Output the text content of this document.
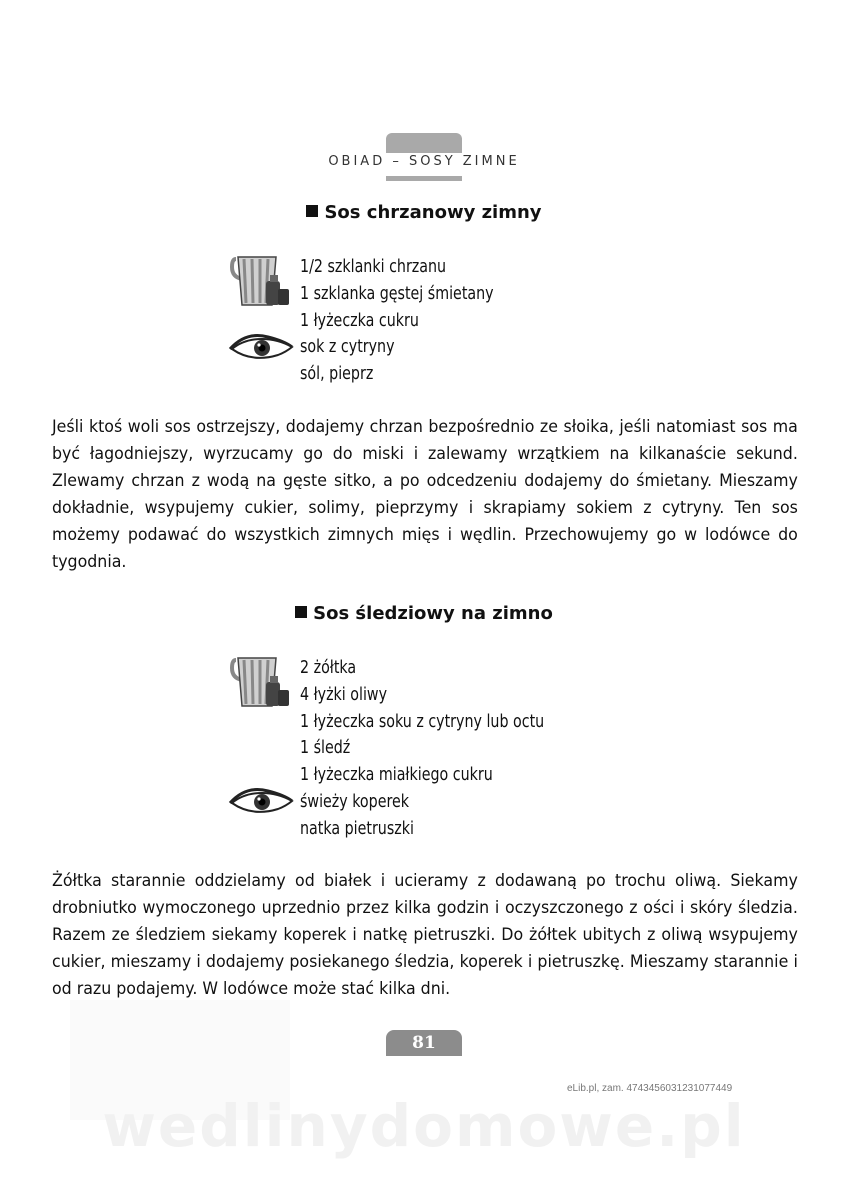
OBIAD – SOSY ZIMNE
Sos chrzanowy zimny
1/2 szklanki chrzanu
1 szklanka gęstej śmietany
1 łyżeczka cukru
sok z cytryny
sól, pieprz

Jeśli ktoś woli sos ostrzejszy, dodajemy chrzan bezpośrednio ze słoika, jeśli natomiast sos ma być łagodniejszy, wyrzucamy go do miski i zalewamy wrzątkiem na kilkanaście sekund. Zlewamy chrzan z wodą na gęste sitko, a po odcedzeniu dodajemy do śmietany. Mieszamy dokładnie, wsypujemy cukier, solimy, pieprzymy i skrapiamy sokiem z cytryny. Ten sos możemy podawać do wszystkich zimnych mięs i wędlin. Przechowujemy go w lodówce do tygodnia.

Sos śledziowy na zimno
2 żółtka
4 łyżki oliwy
1 łyżeczka soku z cytryny lub octu
1 śledź
1 łyżeczka miałkiego cukru
świeży koperek
natka pietruszki

Żółtka starannie oddzielamy od białek i ucieramy z dodawaną po trochu oliwą. Siekamy drobniutko wymoczonego uprzednio przez kilka godzin i oczyszczonego z ości i skóry śledzia. Razem ze śledziem siekamy koperek i natkę pietruszki. Do żółtek ubitych z oliwą wsypujemy cukier, mieszamy i dodajemy posiekanego śledzia, koperek i pietruszkę. Mieszamy starannie i od razu podajemy. W lodówce może stać kilka dni.

81
eLib.pl, zam. 4743456031231077449
wedlinydomowe.pl
